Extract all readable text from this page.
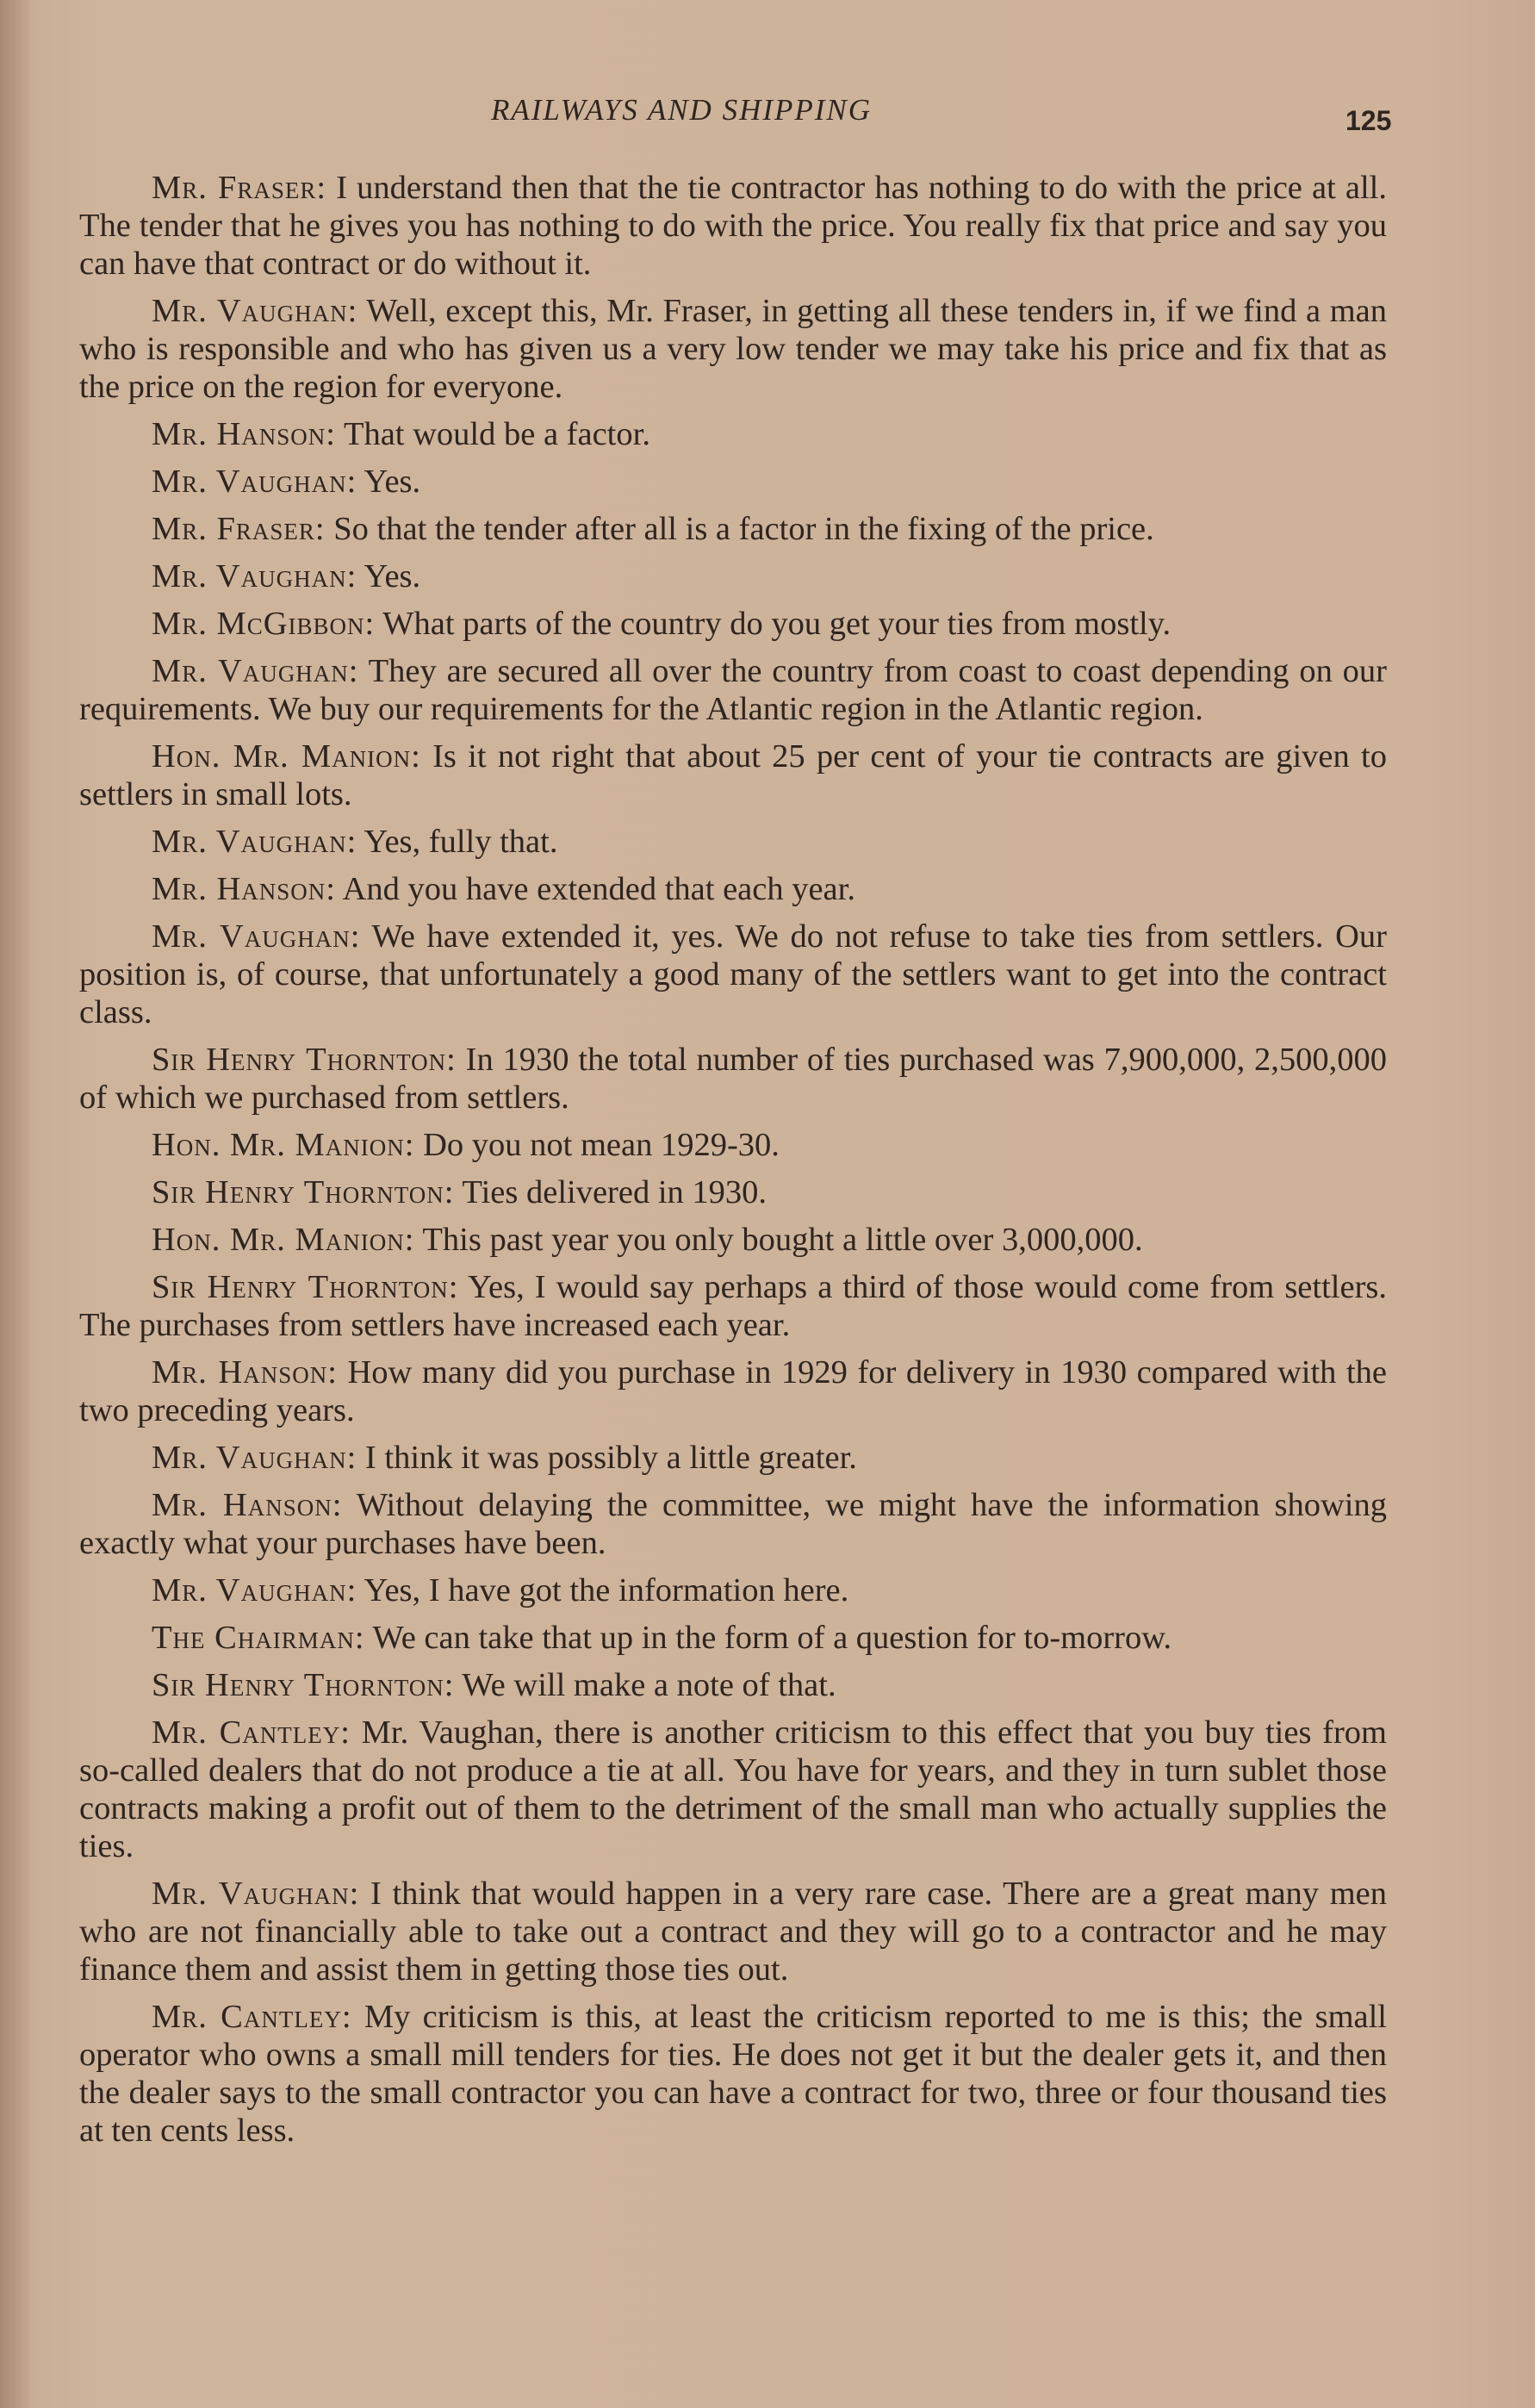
RAILWAYS AND SHIPPING	125

Mr. Fraser: I understand then that the tie contractor has nothing to do with the price at all. The tender that he gives you has nothing to do with the price. You really fix that price and say you can have that contract or do without it.

Mr. Vaughan: Well, except this, Mr. Fraser, in getting all these tenders in, if we find a man who is responsible and who has given us a very low tender we may take his price and fix that as the price on the region for everyone.

Mr. Hanson: That would be a factor.

Mr. Vaughan: Yes.

Mr. Fraser: So that the tender after all is a factor in the fixing of the price.

Mr. Vaughan: Yes.

Mr. McGibbon: What parts of the country do you get your ties from mostly.

Mr. Vaughan: They are secured all over the country from coast to coast depending on our requirements. We buy our requirements for the Atlantic region in the Atlantic region.

Hon. Mr. Manion: Is it not right that about 25 per cent of your tie contracts are given to settlers in small lots.

Mr. Vaughan: Yes, fully that.

Mr. Hanson: And you have extended that each year.

Mr. Vaughan: We have extended it, yes. We do not refuse to take ties from settlers. Our position is, of course, that unfortunately a good many of the settlers want to get into the contract class.

Sir Henry Thornton: In 1930 the total number of ties purchased was 7,900,000, 2,500,000 of which we purchased from settlers.

Hon. Mr. Manion: Do you not mean 1929-30.

Sir Henry Thornton: Ties delivered in 1930.

Hon. Mr. Manion: This past year you only bought a little over 3,000,000.

Sir Henry Thornton: Yes, I would say perhaps a third of those would come from settlers. The purchases from settlers have increased each year.

Mr. Hanson: How many did you purchase in 1929 for delivery in 1930 compared with the two preceding years.

Mr. Vaughan: I think it was possibly a little greater.

Mr. Hanson: Without delaying the committee, we might have the information showing exactly what your purchases have been.

Mr. Vaughan: Yes, I have got the information here.

The Chairman: We can take that up in the form of a question for to-morrow.

Sir Henry Thornton: We will make a note of that.

Mr. Cantley: Mr. Vaughan, there is another criticism to this effect that you buy ties from so-called dealers that do not produce a tie at all. You have for years, and they in turn sublet those contracts making a profit out of them to the detriment of the small man who actually supplies the ties.

Mr. Vaughan: I think that would happen in a very rare case. There are a great many men who are not financially able to take out a contract and they will go to a contractor and he may finance them and assist them in getting those ties out.

Mr. Cantley: My criticism is this, at least the criticism reported to me is this; the small operator who owns a small mill tenders for ties. He does not get it but the dealer gets it, and then the dealer says to the small contractor you can have a contract for two, three or four thousand ties at ten cents less.
